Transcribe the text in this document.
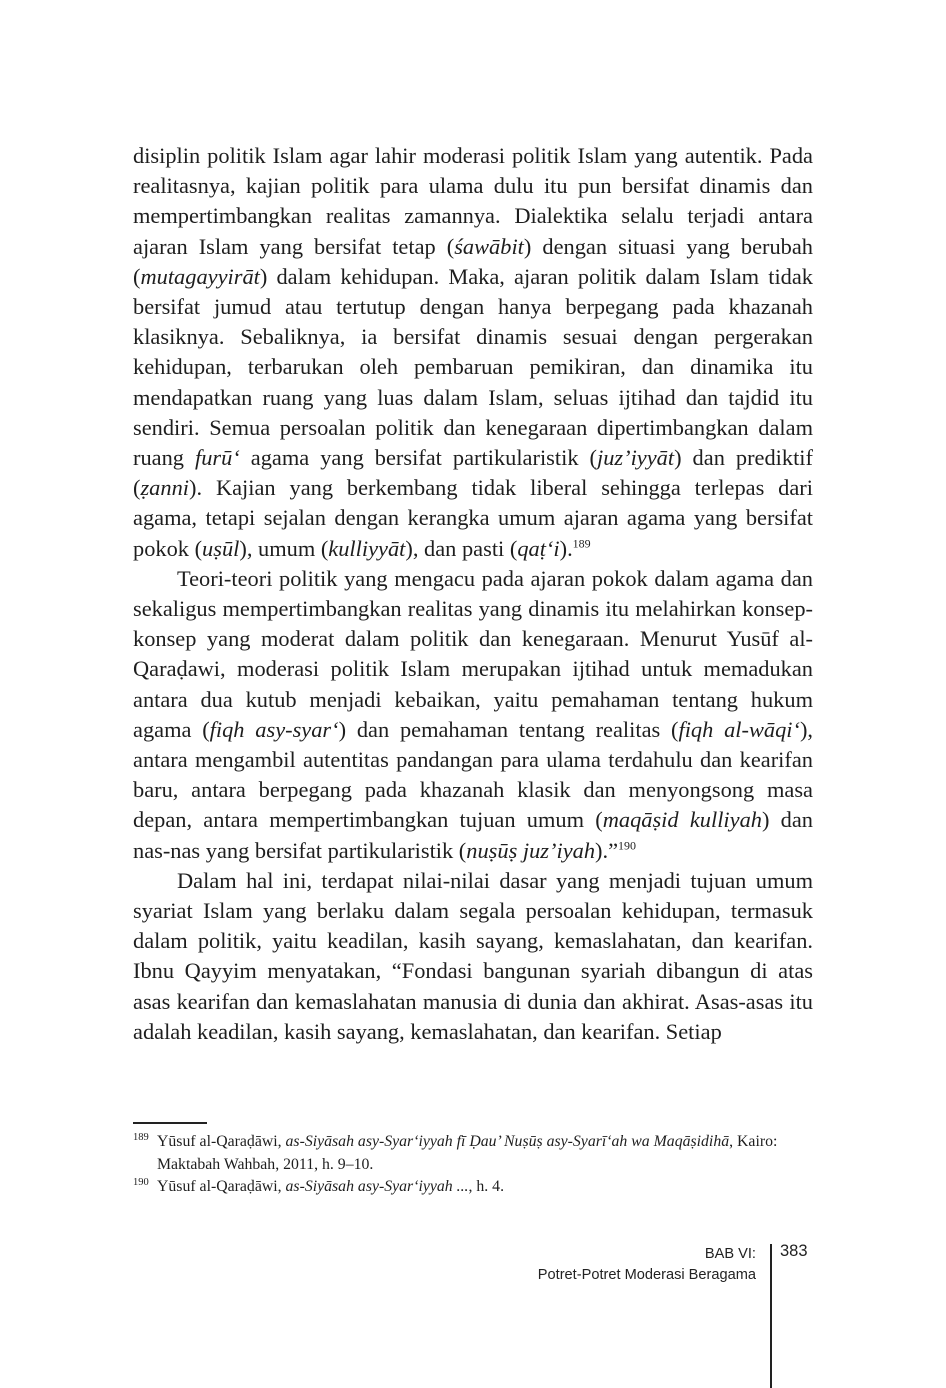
disiplin politik Islam agar lahir moderasi politik Islam yang autentik. Pada realitasnya, kajian politik para ulama dulu itu pun bersifat dinamis dan mempertimbangkan realitas zamannya. Dialektika selalu terjadi antara ajaran Islam yang bersifat tetap (śawābit) dengan situasi yang berubah (mutagayyirāt) dalam kehidupan. Maka, ajaran politik dalam Islam tidak bersifat jumud atau tertutup dengan hanya berpegang pada khazanah klasiknya. Sebaliknya, ia bersifat dinamis sesuai dengan pergerakan kehidupan, terbarukan oleh pembaruan pemikiran, dan dinamika itu mendapatkan ruang yang luas dalam Islam, seluas ijtihad dan tajdid itu sendiri. Semua persoalan politik dan kenegaraan dipertimbangkan dalam ruang furū‘ agama yang bersifat partikularistik (juz’iyyāt) dan prediktif (ẓanni). Kajian yang berkembang tidak liberal sehingga terlepas dari agama, tetapi sejalan dengan kerangka umum ajaran agama yang bersifat pokok (uṣūl), umum (kulliyyāt), dan pasti (qaṭ‘i).$^{189}$

Teori-teori politik yang mengacu pada ajaran pokok dalam agama dan sekaligus mempertimbangkan realitas yang dinamis itu melahirkan konsep-konsep yang moderat dalam politik dan kenegaraan. Menurut Yusūf al-Qaraḍawi, moderasi politik Islam merupakan ijtihad untuk memadukan antara dua kutub menjadi kebaikan, yaitu pemahaman tentang hukum agama (fiqh asy-syar‘) dan pemahaman tentang realitas (fiqh al-wāqi‘), antara mengambil autentitas pandangan para ulama terdahulu dan kearifan baru, antara berpegang pada khazanah klasik dan menyongsong masa depan, antara mempertimbangkan tujuan umum (maqāṣid kulliyah) dan nas-nas yang bersifat partikularistik (nuṣūṣ juz’iyah).”$^{190}$

Dalam hal ini, terdapat nilai-nilai dasar yang menjadi tujuan umum syariat Islam yang berlaku dalam segala persoalan kehidupan, termasuk dalam politik, yaitu keadilan, kasih sayang, kemaslahatan, dan kearifan. Ibnu Qayyim menyatakan, “Fondasi bangunan syariah dibangun di atas asas kearifan dan kemaslahatan manusia di dunia dan akhirat. Asas-asas itu adalah keadilan, kasih sayang, kemaslahatan, dan kearifan. Setiap

189 Yūsuf al-Qaraḍāwi, as-Siyāsah asy-Syar‘iyyah fī Ḍau’ Nuṣūṣ asy-Syarī‘ah wa Maqāṣidihā, Kairo: Maktabah Wahbah, 2011, h. 9–10.
190 Yūsuf al-Qaraḍāwi, as-Siyāsah asy-Syar‘iyyah ..., h. 4.
BAB VI:
Potret-Potret Moderasi Beragama
383
